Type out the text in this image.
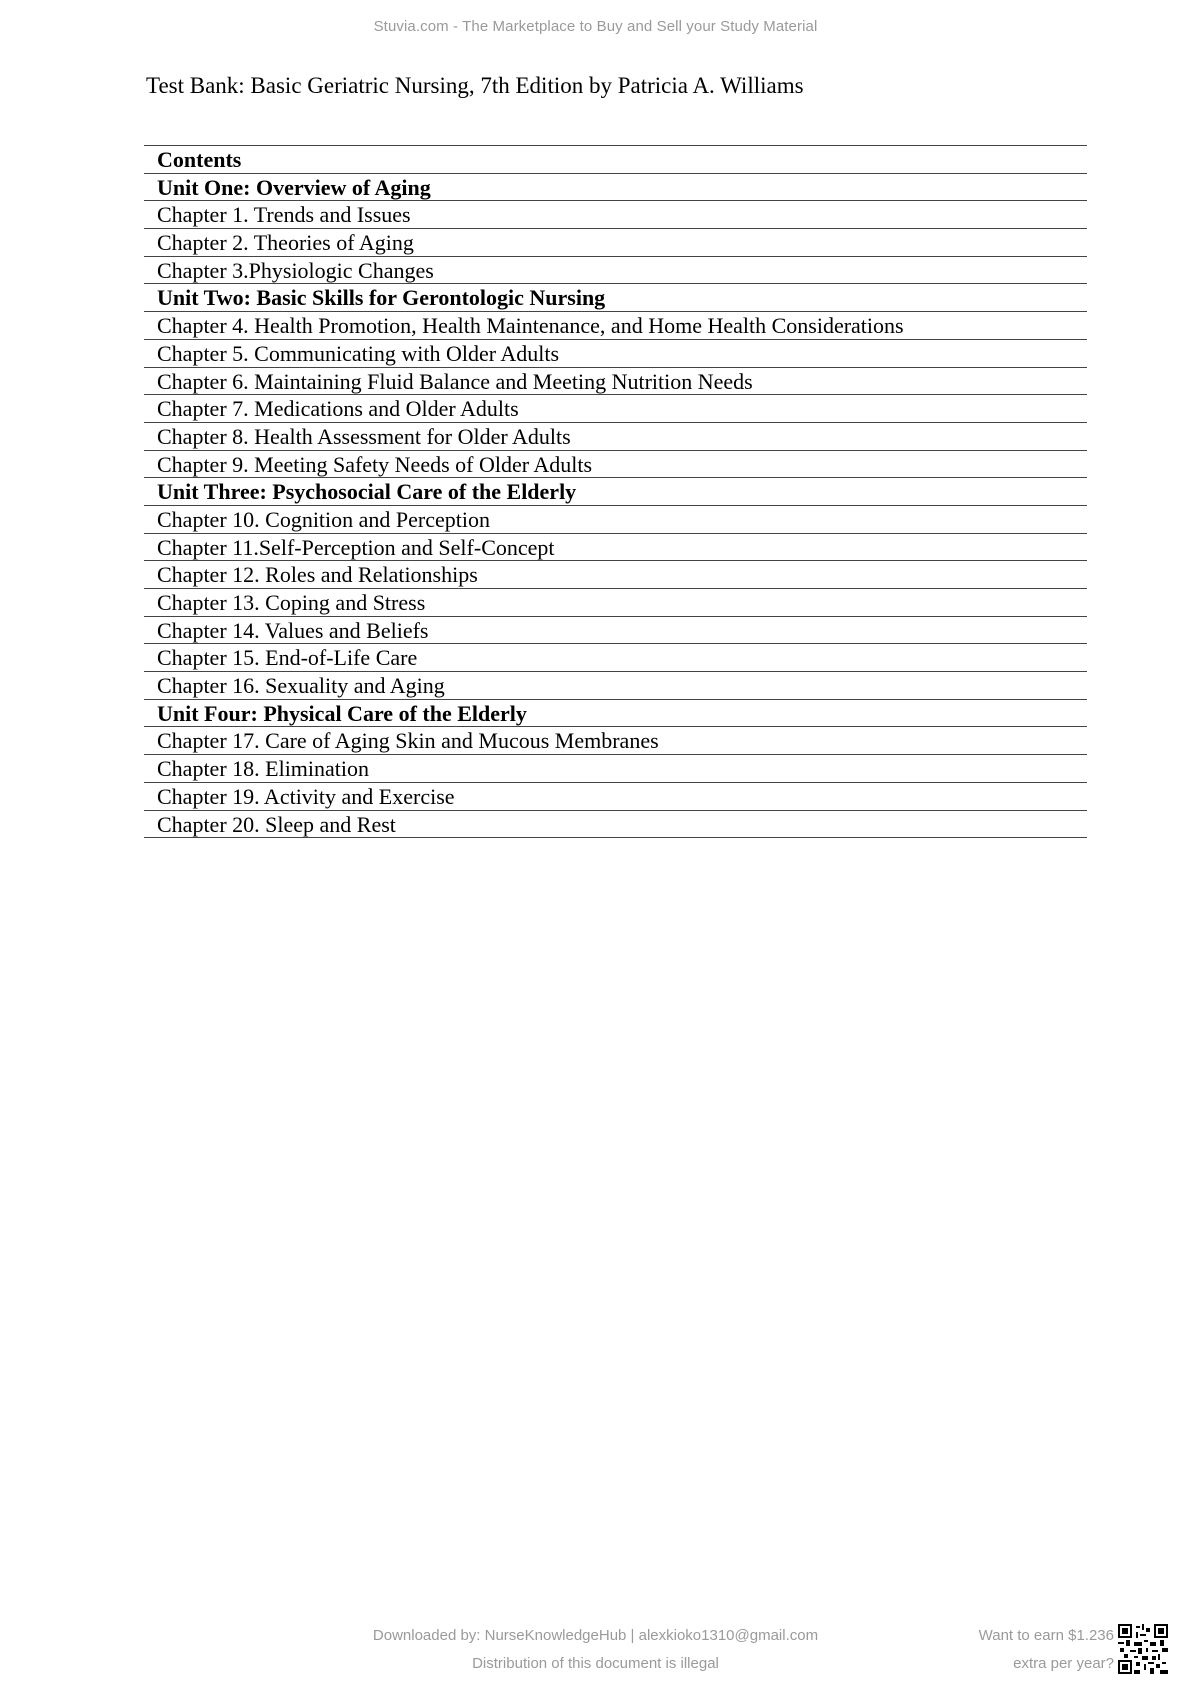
Stuvia.com - The Marketplace to Buy and Sell your Study Material
Test Bank: Basic Geriatric Nursing, 7th Edition by Patricia A. Williams
Contents
Unit One: Overview of Aging
Chapter 1. Trends and Issues
Chapter 2. Theories of Aging
Chapter 3.Physiologic Changes
Unit Two: Basic Skills for Gerontologic Nursing
Chapter 4. Health Promotion, Health Maintenance, and Home Health Considerations
Chapter 5. Communicating with Older Adults
Chapter 6. Maintaining Fluid Balance and Meeting Nutrition Needs
Chapter 7. Medications and Older Adults
Chapter 8. Health Assessment for Older Adults
Chapter 9. Meeting Safety Needs of Older Adults
Unit Three: Psychosocial Care of the Elderly
Chapter 10. Cognition and Perception
Chapter 11.Self-Perception and Self-Concept
Chapter 12. Roles and Relationships
Chapter 13. Coping and Stress
Chapter 14. Values and Beliefs
Chapter 15. End-of-Life Care
Chapter 16. Sexuality and Aging
Unit Four: Physical Care of the Elderly
Chapter 17. Care of Aging Skin and Mucous Membranes
Chapter 18. Elimination
Chapter 19. Activity and Exercise
Chapter 20. Sleep and Rest
Downloaded by: NurseKnowledgeHub | alexkioko1310@gmail.com
Distribution of this document is illegal
Want to earn $1.236
extra per year?
